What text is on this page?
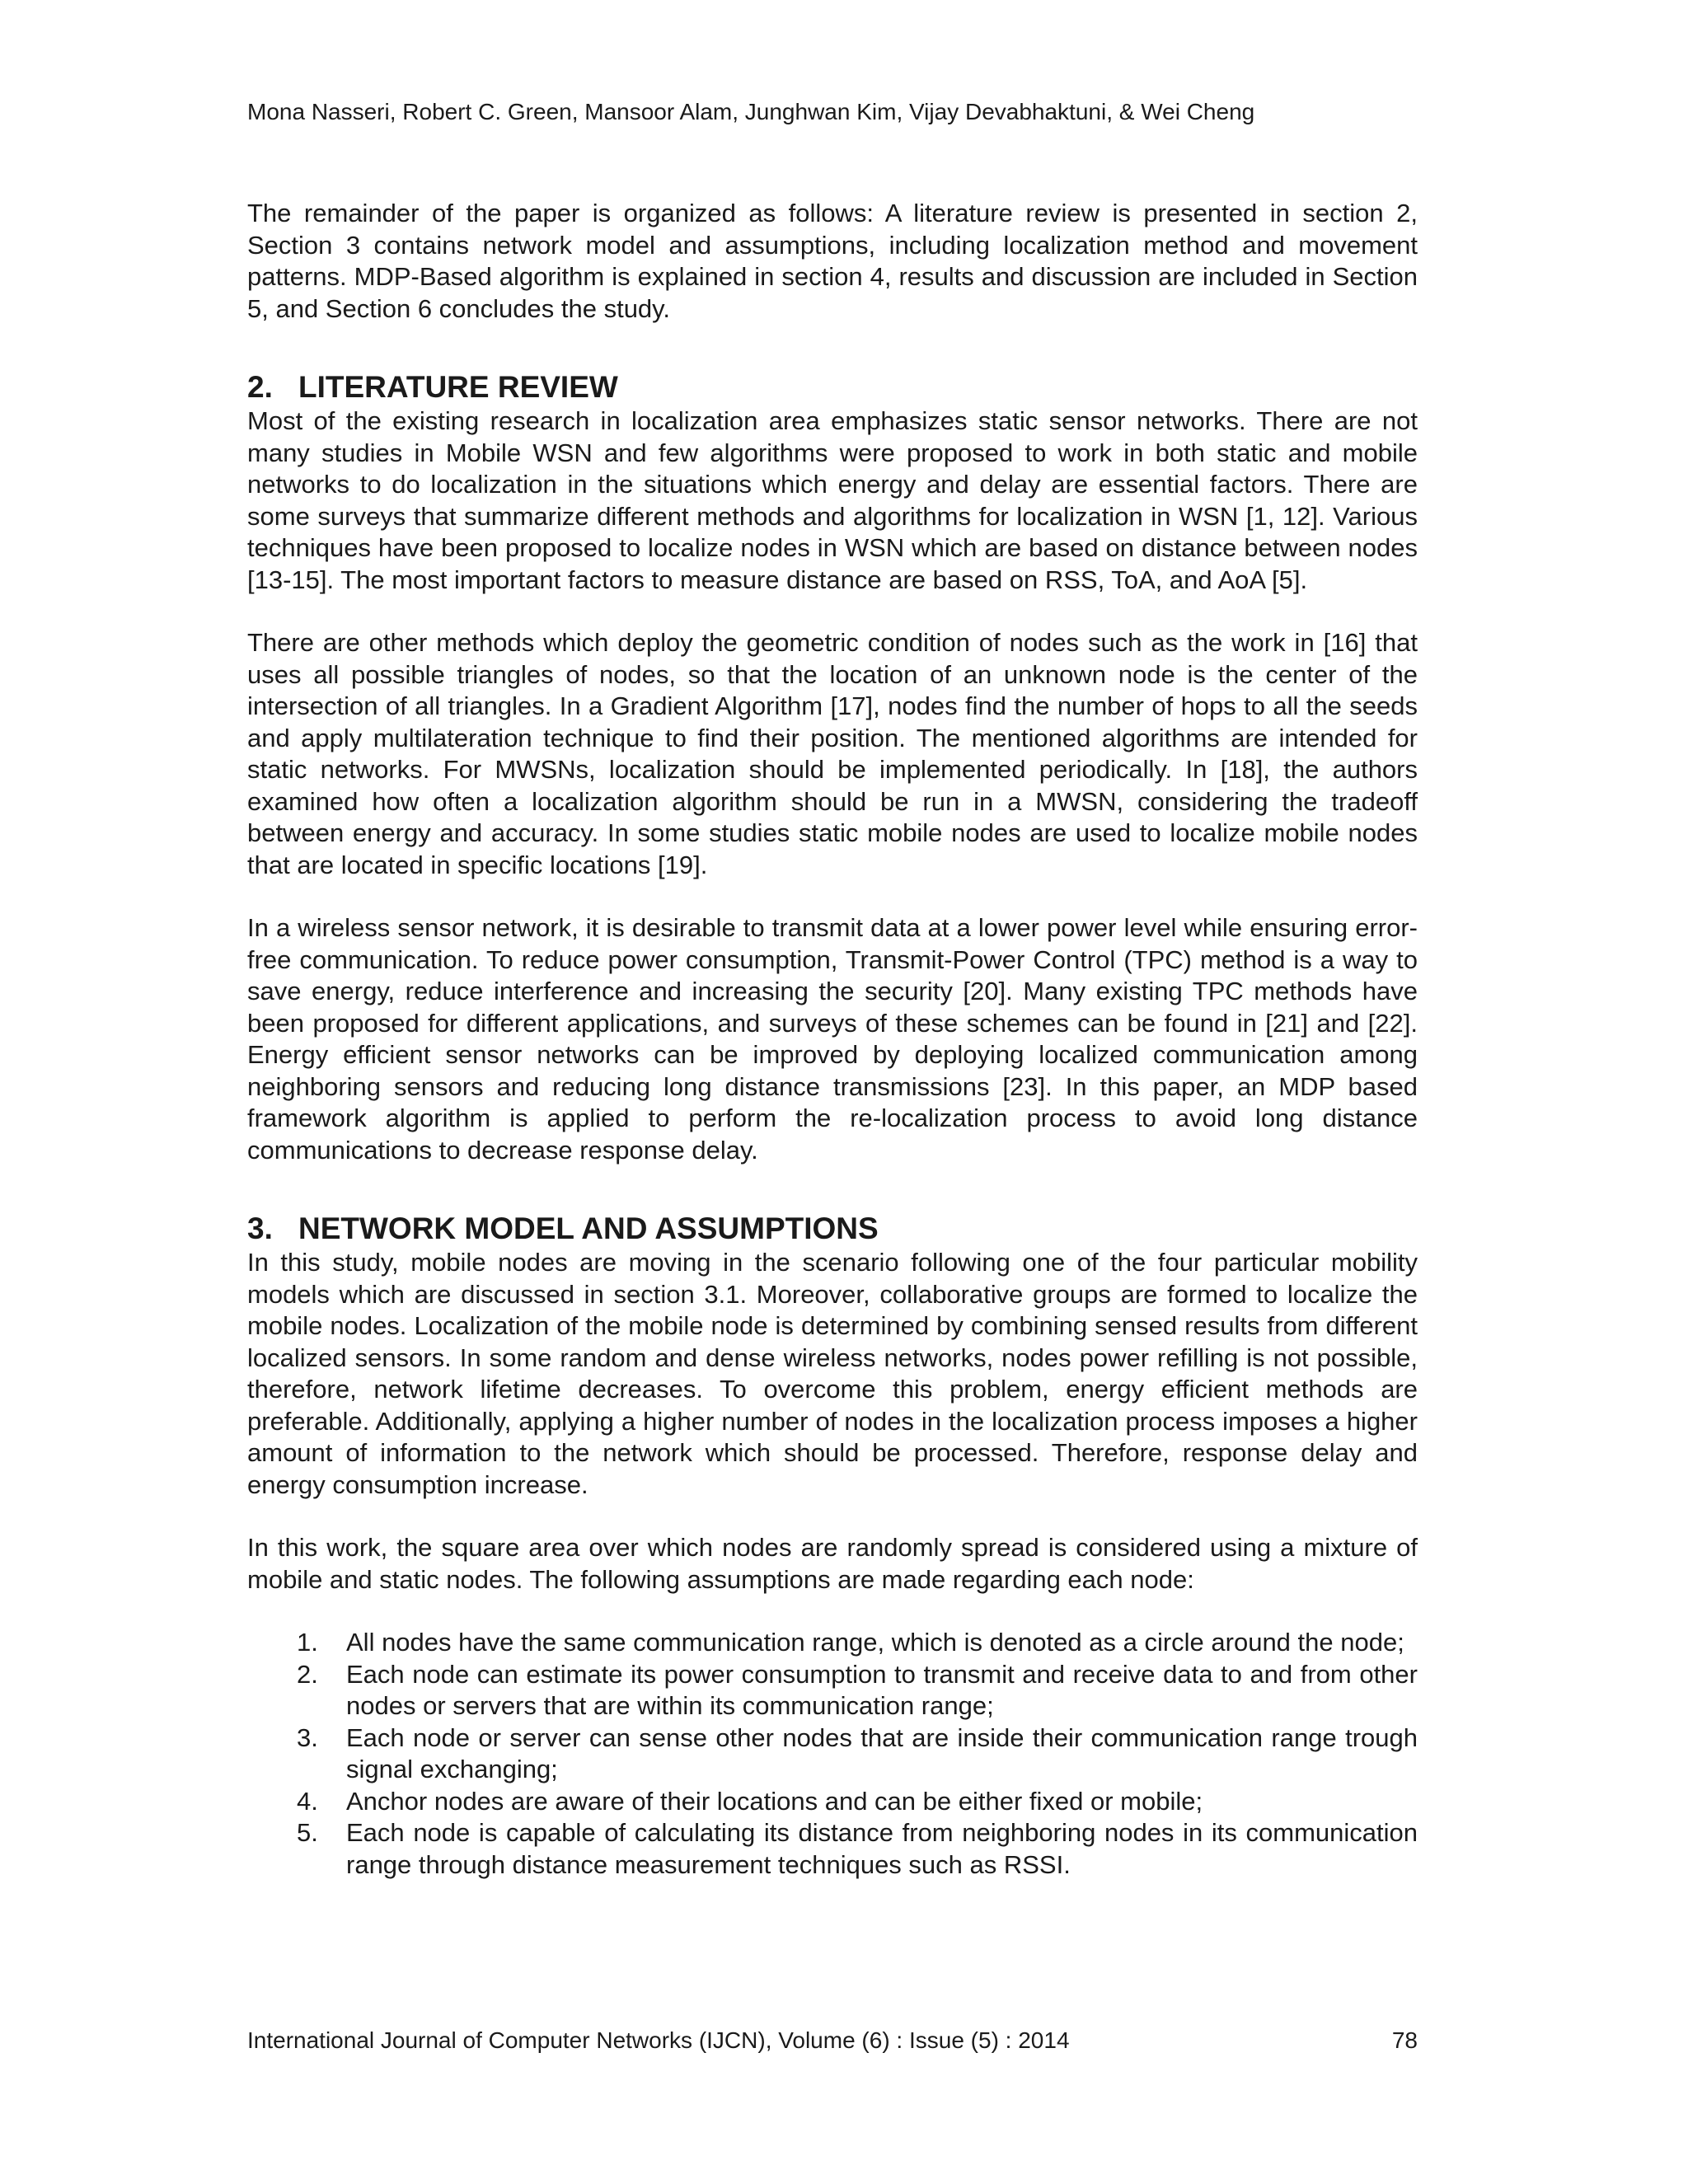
Mona Nasseri, Robert C. Green, Mansoor Alam, Junghwan Kim, Vijay Devabhaktuni, & Wei Cheng

The remainder of the paper is organized as follows: A literature review is presented in section 2, Section 3 contains network model and assumptions, including localization method and movement patterns. MDP-Based algorithm is explained in section 4, results and discussion are included in Section 5, and Section 6 concludes the study.

2. LITERATURE REVIEW

Most of the existing research in localization area emphasizes static sensor networks. There are not many studies in Mobile WSN and few algorithms were proposed to work in both static and mobile networks to do localization in the situations which energy and delay are essential factors. There are some surveys that summarize different methods and algorithms for localization in WSN [1, 12]. Various techniques have been proposed to localize nodes in WSN which are based on distance between nodes [13-15]. The most important factors to measure distance are based on RSS, ToA, and AoA [5].

There are other methods which deploy the geometric condition of nodes such as the work in [16] that uses all possible triangles of nodes, so that the location of an unknown node is the center of the intersection of all triangles. In a Gradient Algorithm [17], nodes find the number of hops to all the seeds and apply multilateration technique to find their position. The mentioned algorithms are intended for static networks. For MWSNs, localization should be implemented periodically. In [18], the authors examined how often a localization algorithm should be run in a MWSN, considering the tradeoff between energy and accuracy. In some studies static mobile nodes are used to localize mobile nodes that are located in specific locations [19].

In a wireless sensor network, it is desirable to transmit data at a lower power level while ensuring error-free communication. To reduce power consumption, Transmit-Power Control (TPC) method is a way to save energy, reduce interference and increasing the security [20]. Many existing TPC methods have been proposed for different applications, and surveys of these schemes can be found in [21] and [22]. Energy efficient sensor networks can be improved by deploying localized communication among neighboring sensors and reducing long distance transmissions [23]. In this paper, an MDP based framework algorithm is applied to perform the re-localization process to avoid long distance communications to decrease response delay.

3. NETWORK MODEL AND ASSUMPTIONS

In this study, mobile nodes are moving in the scenario following one of the four particular mobility models which are discussed in section 3.1. Moreover, collaborative groups are formed to localize the mobile nodes. Localization of the mobile node is determined by combining sensed results from different localized sensors. In some random and dense wireless networks, nodes power refilling is not possible, therefore, network lifetime decreases. To overcome this problem, energy efficient methods are preferable. Additionally, applying a higher number of nodes in the localization process imposes a higher amount of information to the network which should be processed. Therefore, response delay and energy consumption increase.

In this work, the square area over which nodes are randomly spread is considered using a mixture of mobile and static nodes. The following assumptions are made regarding each node:

1. All nodes have the same communication range, which is denoted as a circle around the node;
2. Each node can estimate its power consumption to transmit and receive data to and from other nodes or servers that are within its communication range;
3. Each node or server can sense other nodes that are inside their communication range trough signal exchanging;
4. Anchor nodes are aware of their locations and can be either fixed or mobile;
5. Each node is capable of calculating its distance from neighboring nodes in its communication range through distance measurement techniques such as RSSI.
International Journal of Computer Networks (IJCN), Volume (6) : Issue (5) : 2014	78
